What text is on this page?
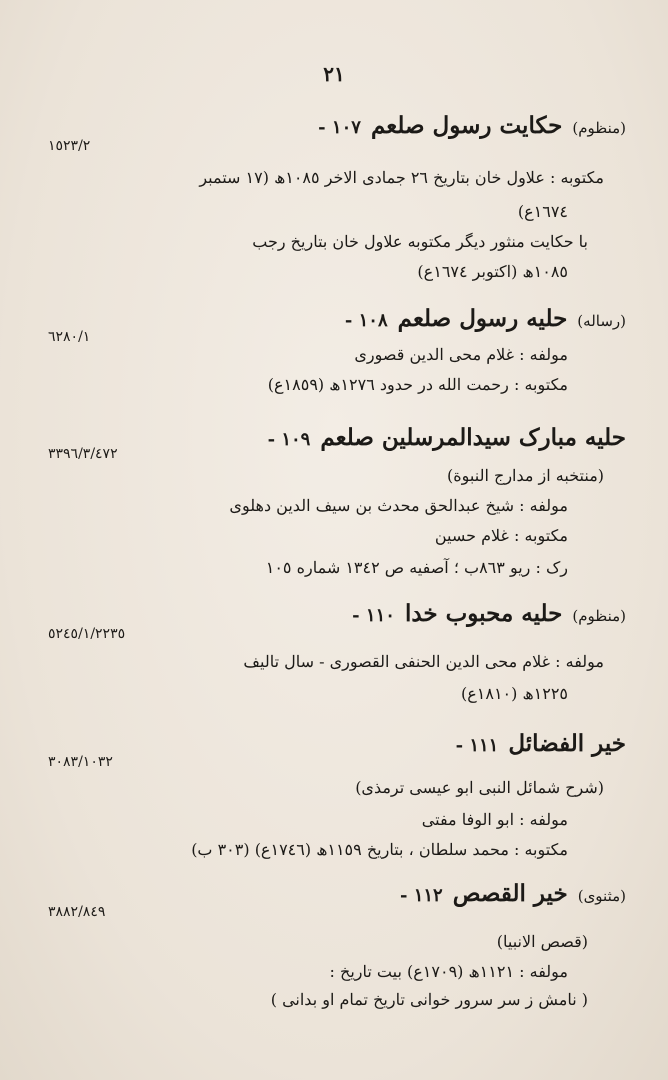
٢١
١٠٧ - حکایت رسول صلعم (منظوم)
١٥٢٣/٢
مکتوبه : علاول خان بتاریخ ٢٦ جمادی الاخر ١٠٨٥ھ (١٧ ستمبر
١٦٧٤ع)
با حکایت منثور دیگر مکتوبه علاول خان بتاریخ رجب
١٠٨٥ھ (اکتوبر ١٦٧٤ع)
١٠٨ - حلیه رسول صلعم (رساله)
٦٢٨٠/١
مولفه : غلام محی الدین قصوری
مکتوبه : رحمت الله در حدود ١٢٧٦ھ (١٨٥٩ع)
١٠٩ - حلیه مبارک سیدالمرسلین صلعم
٣٣٩٦/٣/٤٧٢
(منتخبه از مدارج النبوة)
مولفه : شیخ عبدالحق محدث بن سیف الدین دهلوی
مکتوبه : غلام حسین
رک : ریو ٨٦٣ب ؛ آصفیه ص ١٣٤٢ شماره ١٠٥
١١٠ - حلیه محبوب خدا (منظوم)
٥٢٤٥/١/٢٢٣٥
مولفه : غلام محی الدین الحنفی القصوری - سال تالیف
١٢٢٥ھ (١٨١٠ع)
١١١ - خیر الفضائل
٣٠٨٣/١٠٣٢
(شرح شمائل النبی ابو عیسی ترمذی)
مولفه : ابو الوفا مفتی
مکتوبه : محمد سلطان ، بتاریخ ١١٥٩ھ (١٧٤٦ع) (٣٠٣ ب)
١١٢ - خیر القصص (مثنوی)
٣٨٨٢/٨٤٩
(قصص الانبیا)
مولفه : ١١٢١ھ (١٧٠٩ع) بیت تاریخ :
( نامش ز سر سرور خوانی تاریخ تمام او بدانی )
